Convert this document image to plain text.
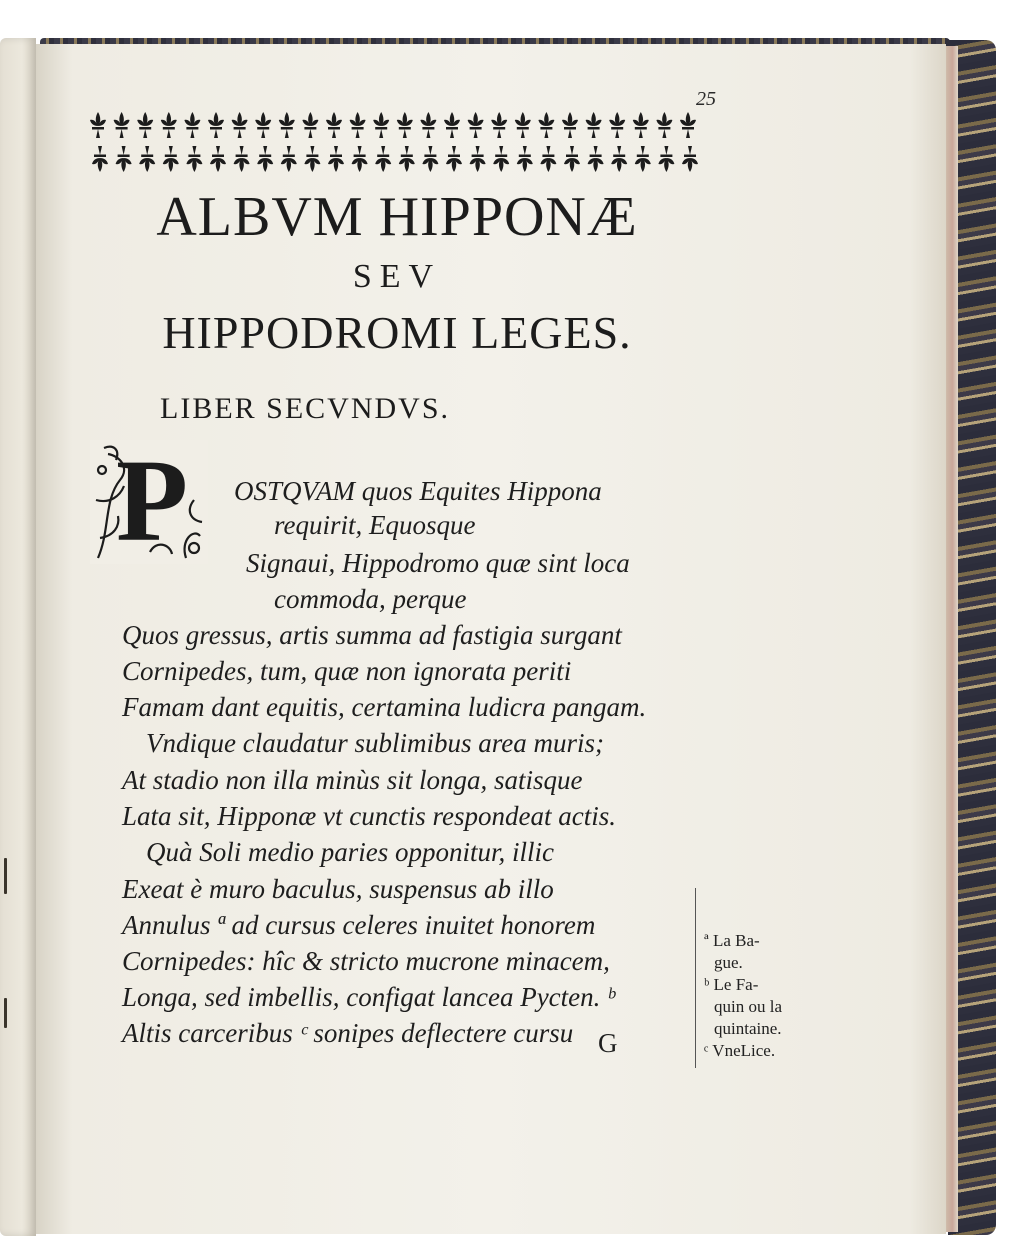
25
ALBVM HIPPONÆ
SEV
HIPPODROMI LEGES.
LIBER SECVNDVS.
P OSTQVAM quos Equites Hippona
requirit, Equosque
Signaui, Hippodromo quæ sint loca
commoda, perque
Quos gressus, artis summa ad fastigia surgant
Cornipedes, tum, quæ non ignorata periti
Famam dant equitis, certamina ludicra pangam.
Vndique claudatur sublimibus area muris;
At stadio non illa minùs sit longa, satisque
Lata sit, Hipponæ vt cunctis respondeat actis.
Quà Soli medio paries opponitur, illic
Exeat è muro baculus, suspensus ab illo
Annulus ª ad cursus celeres inuitet honorem
Cornipedes: hîc & stricto mucrone minacem,
Longa, sed imbellis, configat lancea Pycten. ᵇ
Altis carceribus ᶜ sonipes deflectere cursu
ª La Ba-
gue.
ᵇ Le Fa-
quin ou la
quintaine.
ᶜ VneLice.
G
